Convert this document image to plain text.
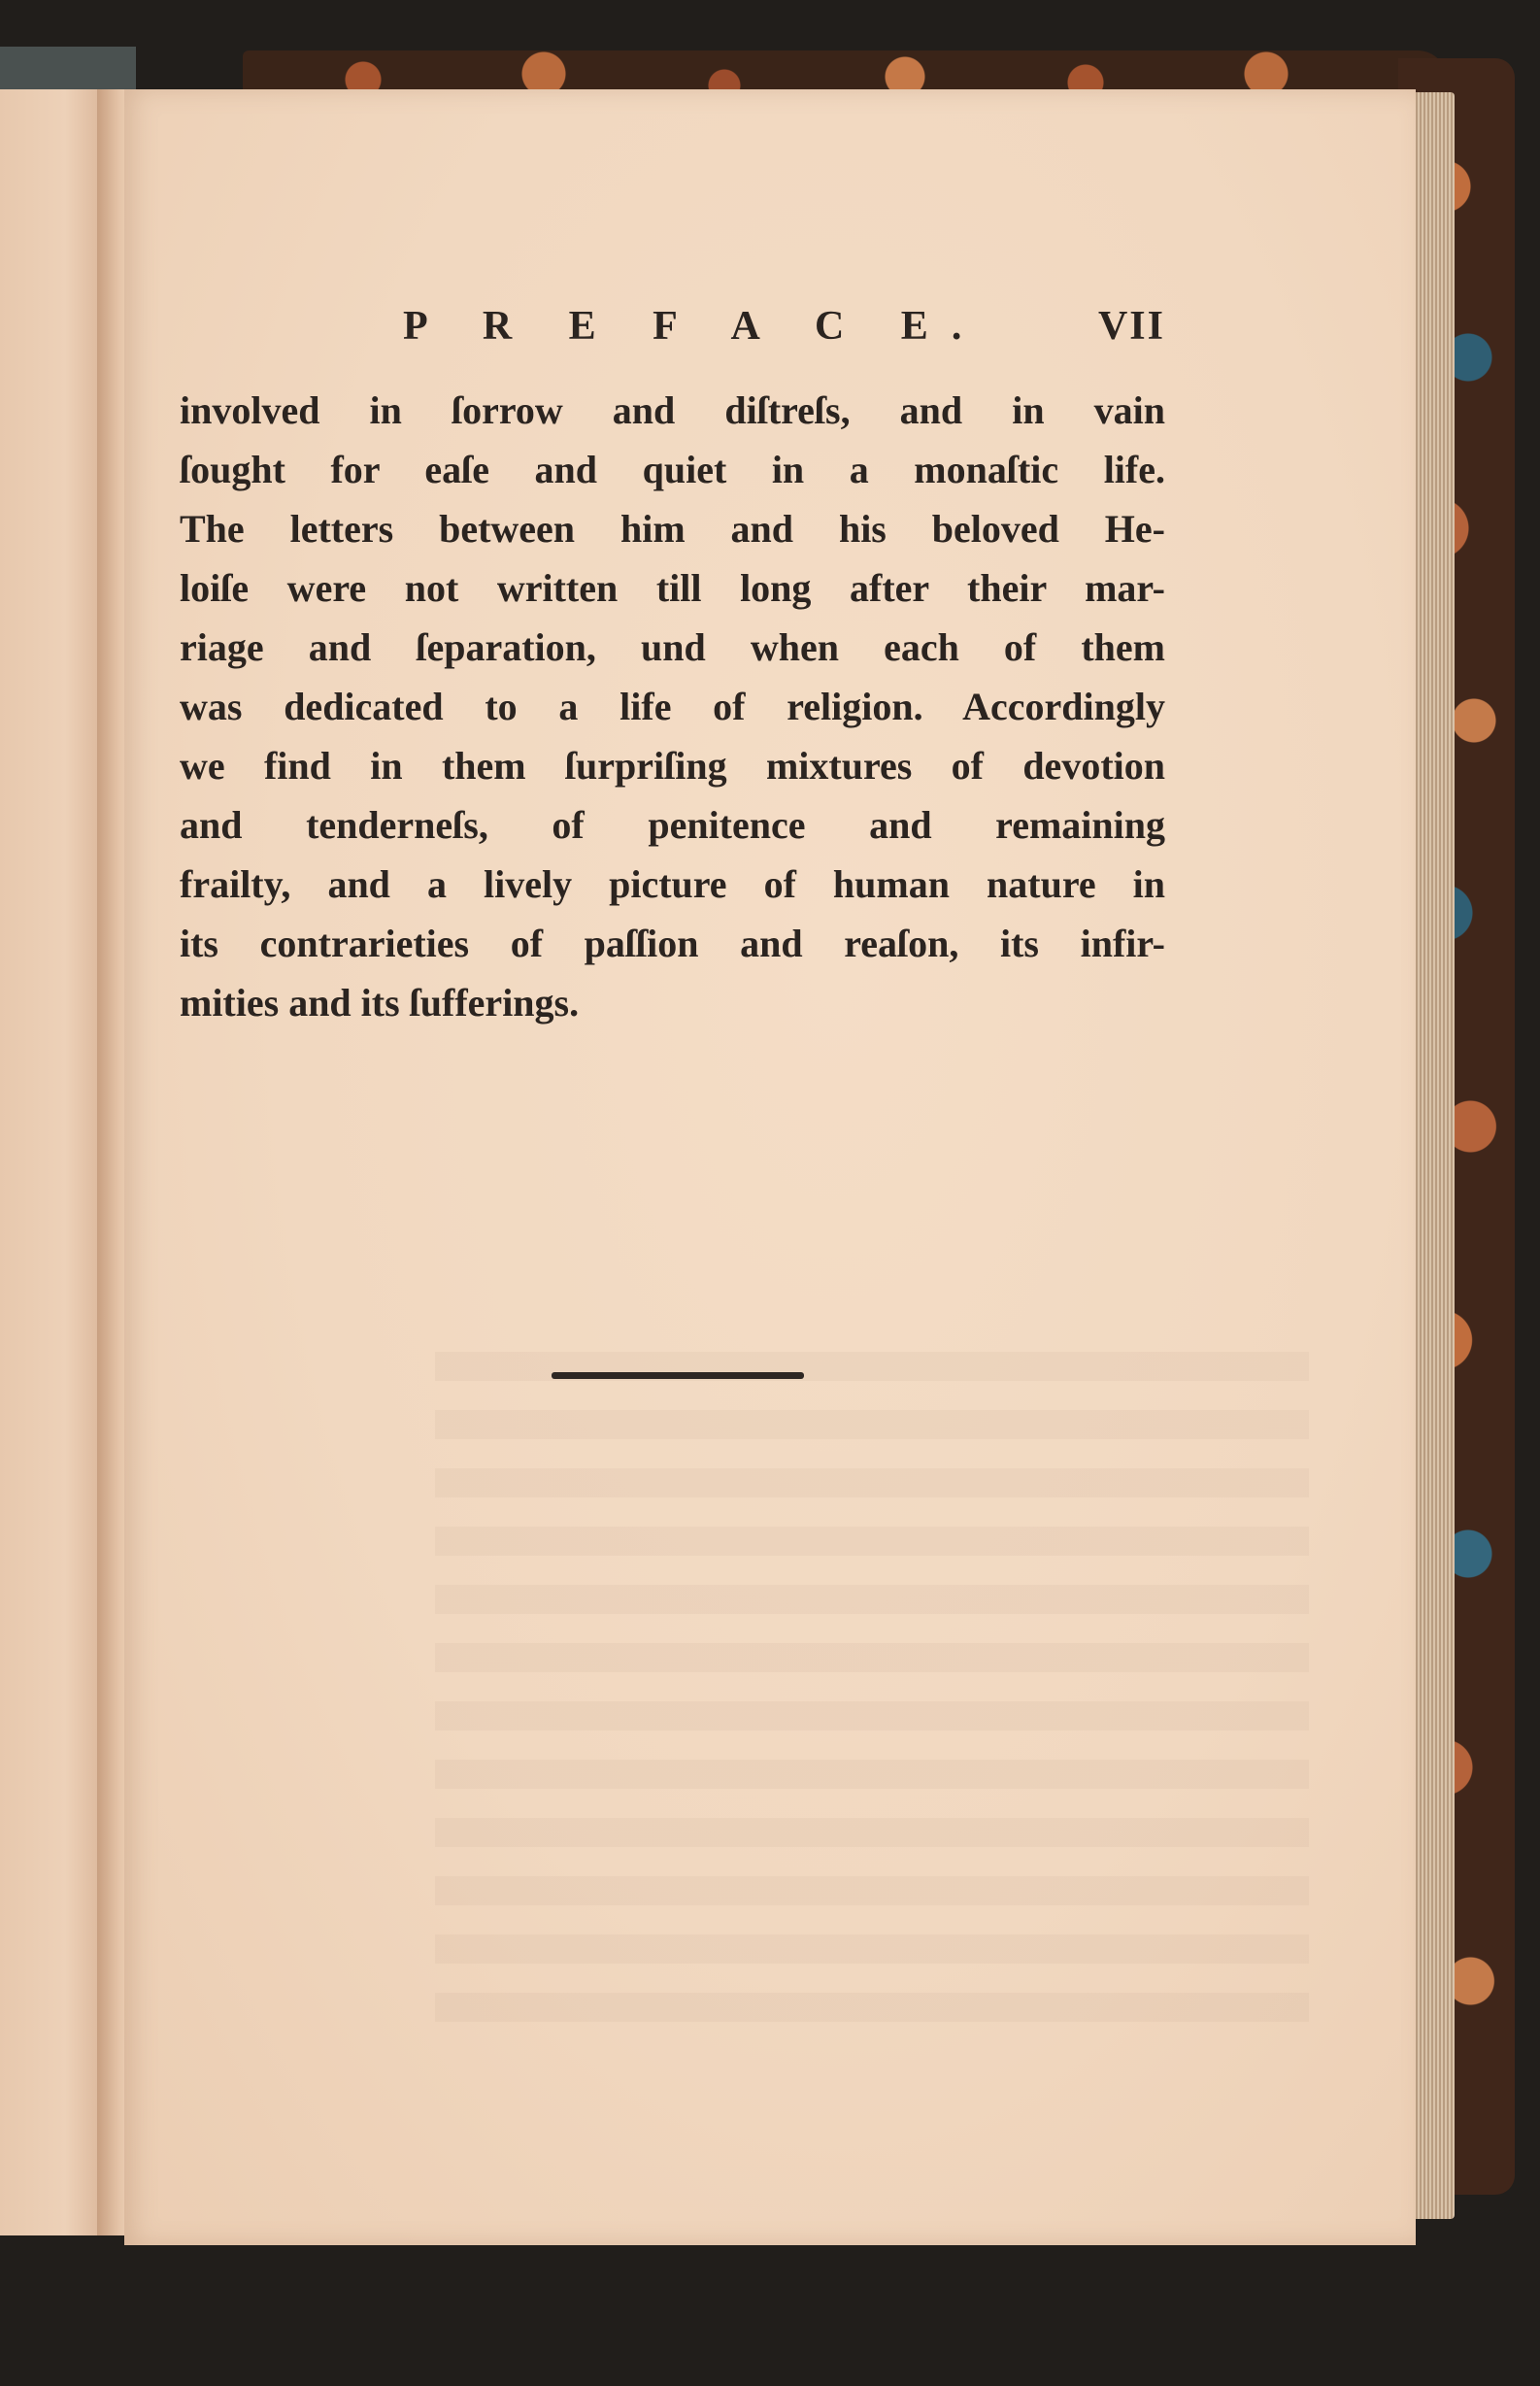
P R E F A C E.	VII
involved in ſorrow and diſtreſs, and in vain
ſought for eaſe and quiet in a monaſtic life.
The letters between him and his beloved He-
loiſe were not written till long after their mar-
riage and ſeparation, und when each of them
was dedicated to a life of religion. Accordingly
we find in them ſurpriſing mixtures of devotion
and tenderneſs, of penitence and remaining
frailty, and a lively picture of human nature in
its contrarieties of paſſion and reaſon, its infir-
mities and its ſufferings.
